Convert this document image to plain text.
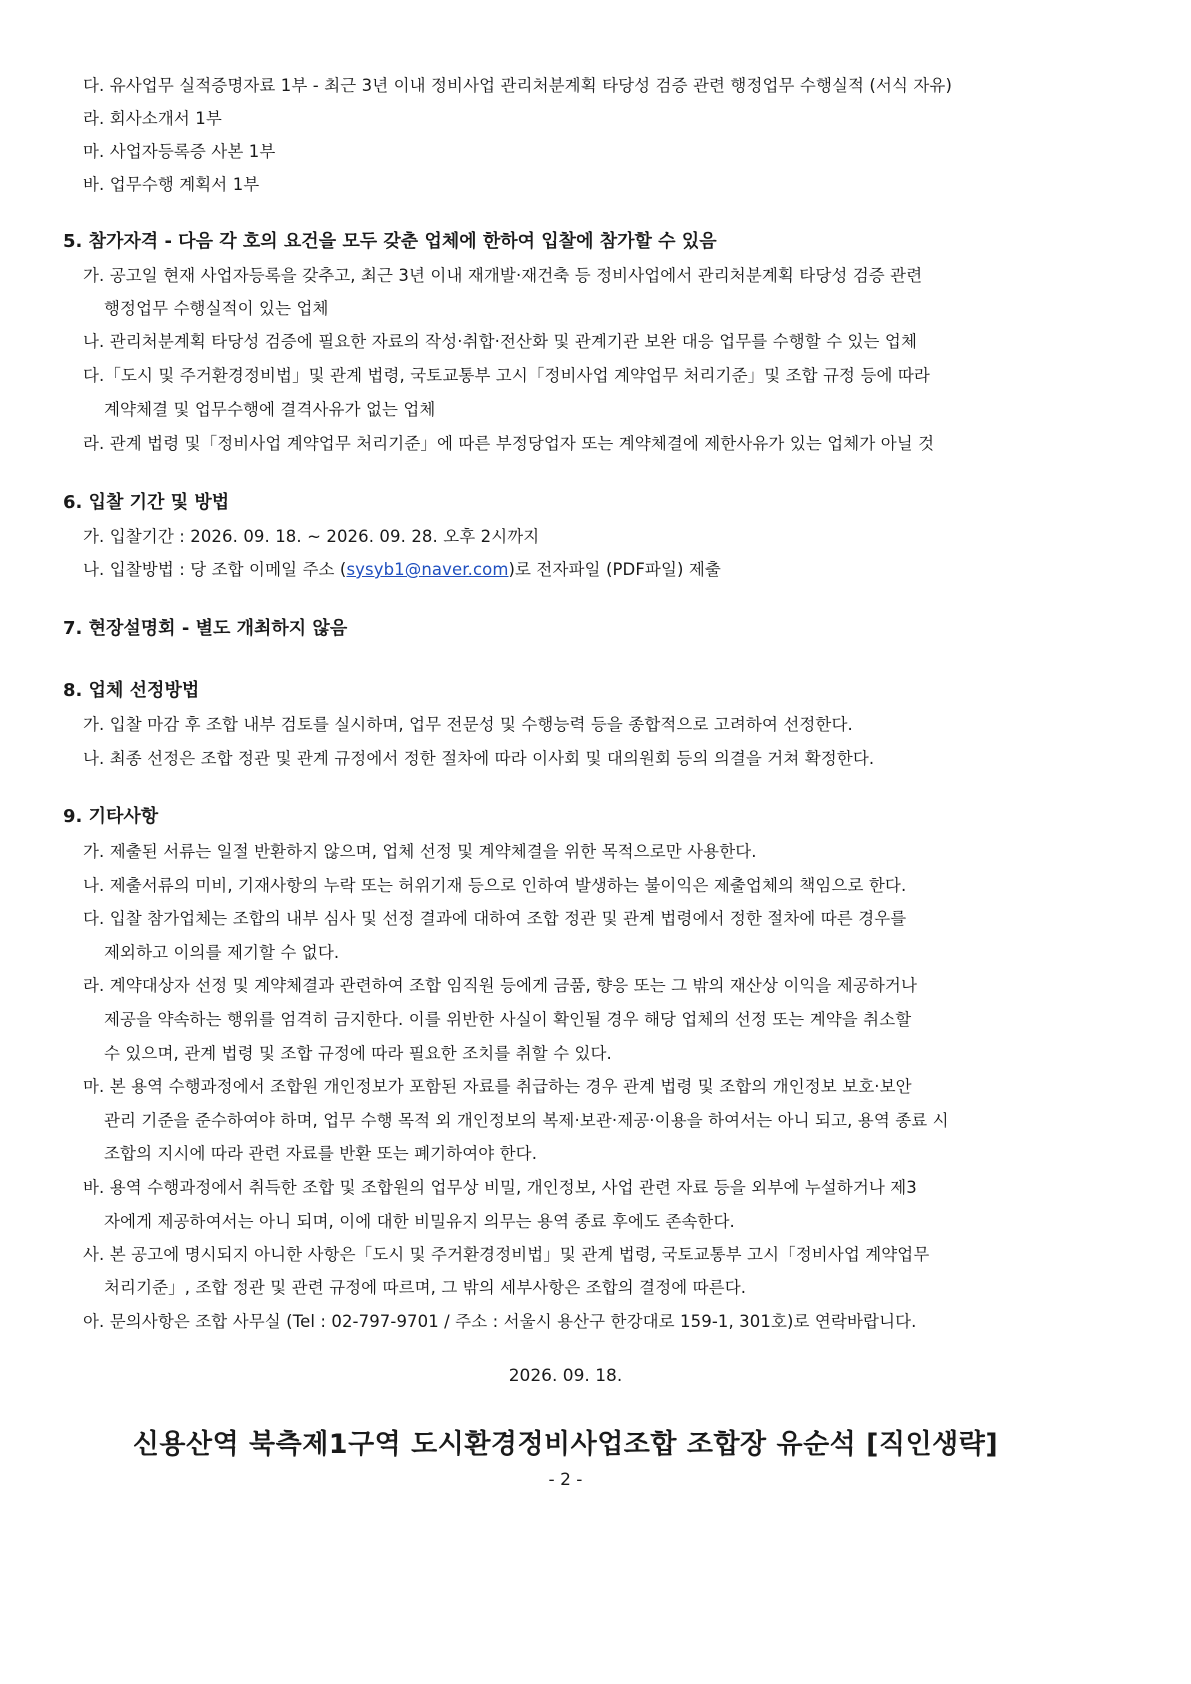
다. 유사업무 실적증명자료 1부 - 최근 3년 이내 정비사업 관리처분계획 타당성 검증 관련 행정업무 수행실적 (서식 자유)
라. 회사소개서 1부
마. 사업자등록증 사본 1부
바. 업무수행 계획서 1부
5. 참가자격 - 다음 각 호의 요건을 모두 갖춘 업체에 한하여 입찰에 참가할 수 있음
가. 공고일 현재 사업자등록을 갖추고, 최근 3년 이내 재개발·재건축 등 정비사업에서 관리처분계획 타당성 검증 관련
행정업무 수행실적이 있는 업체
나. 관리처분계획 타당성 검증에 필요한 자료의 작성·취합·전산화 및 관계기관 보완 대응 업무를 수행할 수 있는 업체
다.「도시 및 주거환경정비법」및 관계 법령, 국토교통부 고시「정비사업 계약업무 처리기준」및 조합 규정 등에 따라
계약체결 및 업무수행에 결격사유가 없는 업체
라. 관계 법령 및「정비사업 계약업무 처리기준」에 따른 부정당업자 또는 계약체결에 제한사유가 있는 업체가 아닐 것
6. 입찰 기간 및 방법
가. 입찰기간 : 2026. 09. 18. ~ 2026. 09. 28. 오후 2시까지
나. 입찰방법 : 당 조합 이메일 주소 (sysyb1@naver.com)로 전자파일 (PDF파일) 제출
7. 현장설명회 - 별도 개최하지 않음
8. 업체 선정방법
가. 입찰 마감 후 조합 내부 검토를 실시하며, 업무 전문성 및 수행능력 등을 종합적으로 고려하여 선정한다.
나. 최종 선정은 조합 정관 및 관계 규정에서 정한 절차에 따라 이사회 및 대의원회 등의 의결을 거쳐 확정한다.
9. 기타사항
가. 제출된 서류는 일절 반환하지 않으며, 업체 선정 및 계약체결을 위한 목적으로만 사용한다.
나. 제출서류의 미비, 기재사항의 누락 또는 허위기재 등으로 인하여 발생하는 불이익은 제출업체의 책임으로 한다.
다. 입찰 참가업체는 조합의 내부 심사 및 선정 결과에 대하여 조합 정관 및 관계 법령에서 정한 절차에 따른 경우를
제외하고 이의를 제기할 수 없다.
라. 계약대상자 선정 및 계약체결과 관련하여 조합 임직원 등에게 금품, 향응 또는 그 밖의 재산상 이익을 제공하거나
제공을 약속하는 행위를 엄격히 금지한다. 이를 위반한 사실이 확인될 경우 해당 업체의 선정 또는 계약을 취소할
수 있으며, 관계 법령 및 조합 규정에 따라 필요한 조치를 취할 수 있다.
마. 본 용역 수행과정에서 조합원 개인정보가 포함된 자료를 취급하는 경우 관계 법령 및 조합의 개인정보 보호·보안
관리 기준을 준수하여야 하며, 업무 수행 목적 외 개인정보의 복제·보관·제공·이용을 하여서는 아니 되고, 용역 종료 시
조합의 지시에 따라 관련 자료를 반환 또는 폐기하여야 한다.
바. 용역 수행과정에서 취득한 조합 및 조합원의 업무상 비밀, 개인정보, 사업 관련 자료 등을 외부에 누설하거나 제3
자에게 제공하여서는 아니 되며, 이에 대한 비밀유지 의무는 용역 종료 후에도 존속한다.
사. 본 공고에 명시되지 아니한 사항은「도시 및 주거환경정비법」및 관계 법령, 국토교통부 고시「정비사업 계약업무
처리기준」, 조합 정관 및 관련 규정에 따르며, 그 밖의 세부사항은 조합의 결정에 따른다.
아. 문의사항은 조합 사무실 (Tel : 02-797-9701 / 주소 : 서울시 용산구 한강대로 159-1, 301호)로 연락바랍니다.
2026. 09. 18.
신용산역 북측제1구역 도시환경정비사업조합 조합장 유순석 [직인생략]
- 2 -
